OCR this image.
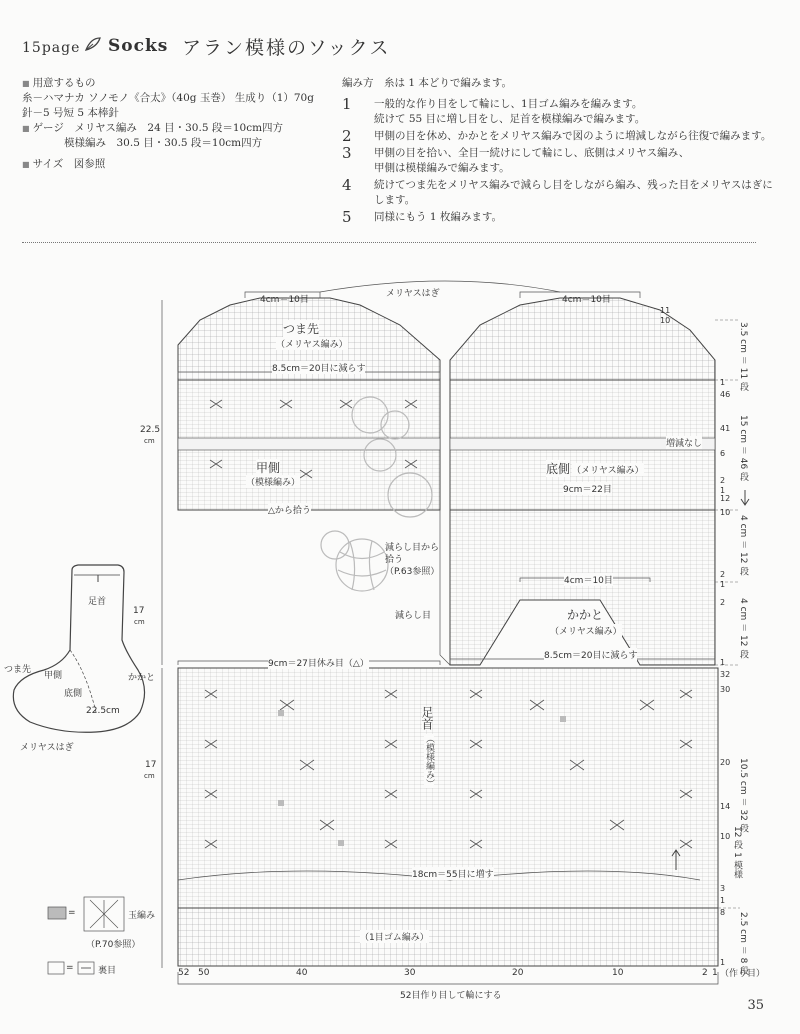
15page Socks アラン模様のソックス
■ 用意するもの
糸－ハマナカ ソノモノ《合太》（40g 玉巻） 生成り（1）70g
針－5 号短 5 本棒針
■ ゲージ　メリヤス編み　24 目・30.5 段＝10cm四方
　　　　模様編み　30.5 目・30.5 段＝10cm四方
■ サイズ　図参照
編み方　糸は 1 本どりで編みます。
1	一般的な作り目をして輪にし、1目ゴム編みを編みます。
続けて 55 目に増し目をし、足首を模様編みで編みます。
2	甲側の目を休め、かかとをメリヤス編みで図のように増減しながら往復で編みます。
3	甲側の目を拾い、全目一続けにして輪にし、底側はメリヤス編み、
甲側は模様編みで編みます。
4	続けてつま先をメリヤス編みで減らし目をしながら編み、残った目をメリヤスはぎにします。
5	同様にもう 1 枚編みます。
メリヤスはぎ
4cm＝10目	4cm＝10目
つま先
（メリヤス編み）
8.5cm＝20目に減らす
甲側
（模様編み）
底側 （メリヤス編み）
増減なし
9cm＝22目
△から拾う
減らし目から
拾う
（P.63参照）
減らし目
4cm＝10目
かかと
（メリヤス編み）
8.5cm＝20目に減らす
9cm＝27目休み目（△）
足首
（模様編み）
18cm＝55目に増す
（1目ゴム編み）
52目作り目して輪にする
（作り目）
52 50	40	30	20	10	2 1
22.5
cm
17
cm
3.5 cm ＝ 11 段
15 cm ＝ 46 段
4 cm ＝ 12 段
4 cm ＝ 12 段
10.5 cm ＝ 32 段
12 段 1 模様
2.5 cm ＝ 8 段
11
10
1
46
41
6
2
1
12
10
2
1
2
1
32
30
20
14
10
3
1
8
1
足首
17
cm
つま先
甲側
底側
かかと
22.5cm
メリヤスはぎ
=	玉編み
（P.70参照）
=	裏目
35
